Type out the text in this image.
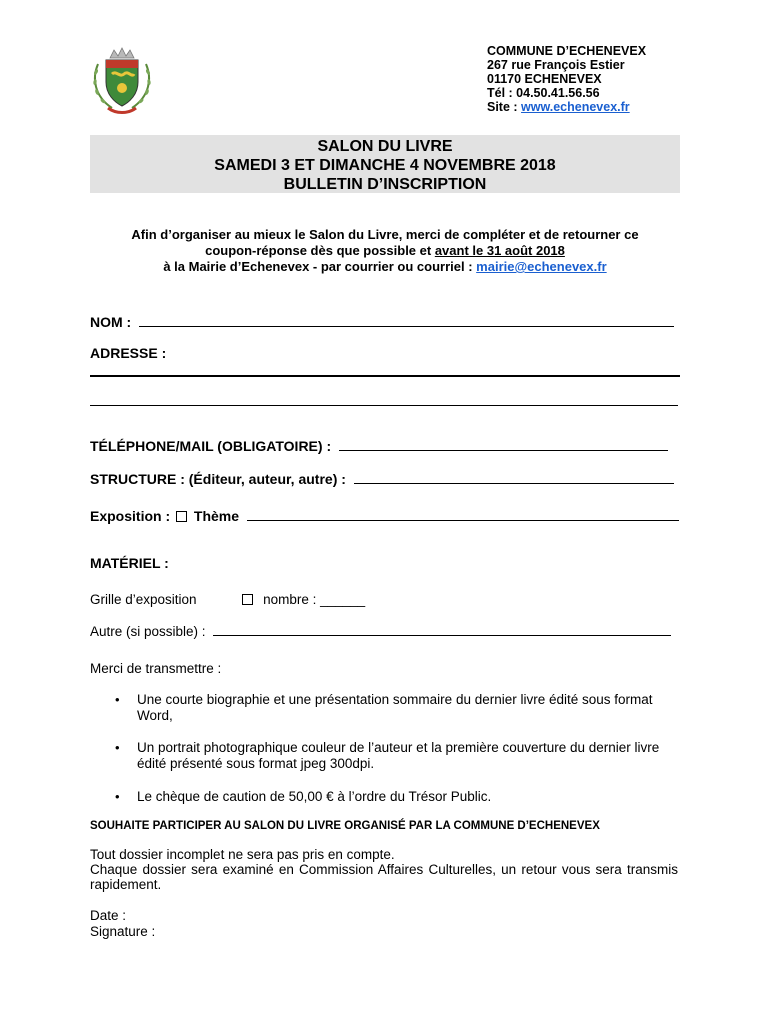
COMMUNE D’ECHENEVEX
267 rue François Estier
01170 ECHENEVEX
Tél : 04.50.41.56.56
Site : www.echenevex.fr
SALON DU LIVRE
SAMEDI 3 ET DIMANCHE 4 NOVEMBRE 2018
BULLETIN D’INSCRIPTION
Afin d’organiser au mieux le Salon du Livre, merci de compléter et de retourner ce
coupon-réponse dès que possible et avant le 31 août 2018
à la Mairie d’Echenevex - par courrier ou courriel : mairie@echenevex.fr
NOM :
ADRESSE :
TÉLÉPHONE/MAIL (OBLIGATOIRE) :
STRUCTURE : (Éditeur, auteur, autre) :
Exposition : Thème
MATÉRIEL :
Grille d’exposition	nombre : ______
Autre (si possible) :
Merci de transmettre :
• Une courte biographie et une présentation sommaire du dernier livre édité sous format Word,
• Un portrait photographique couleur de l’auteur et la première couverture du dernier livre édité présenté sous format jpeg 300dpi.
• Le chèque de caution de 50,00 € à l’ordre du Trésor Public.
SOUHAITE PARTICIPER AU SALON DU LIVRE ORGANISÉ PAR LA COMMUNE D’ECHENEVEX
Tout dossier incomplet ne sera pas pris en compte.
Chaque dossier sera examiné en Commission Affaires Culturelles, un retour vous sera transmis rapidement.
Date :
Signature :
